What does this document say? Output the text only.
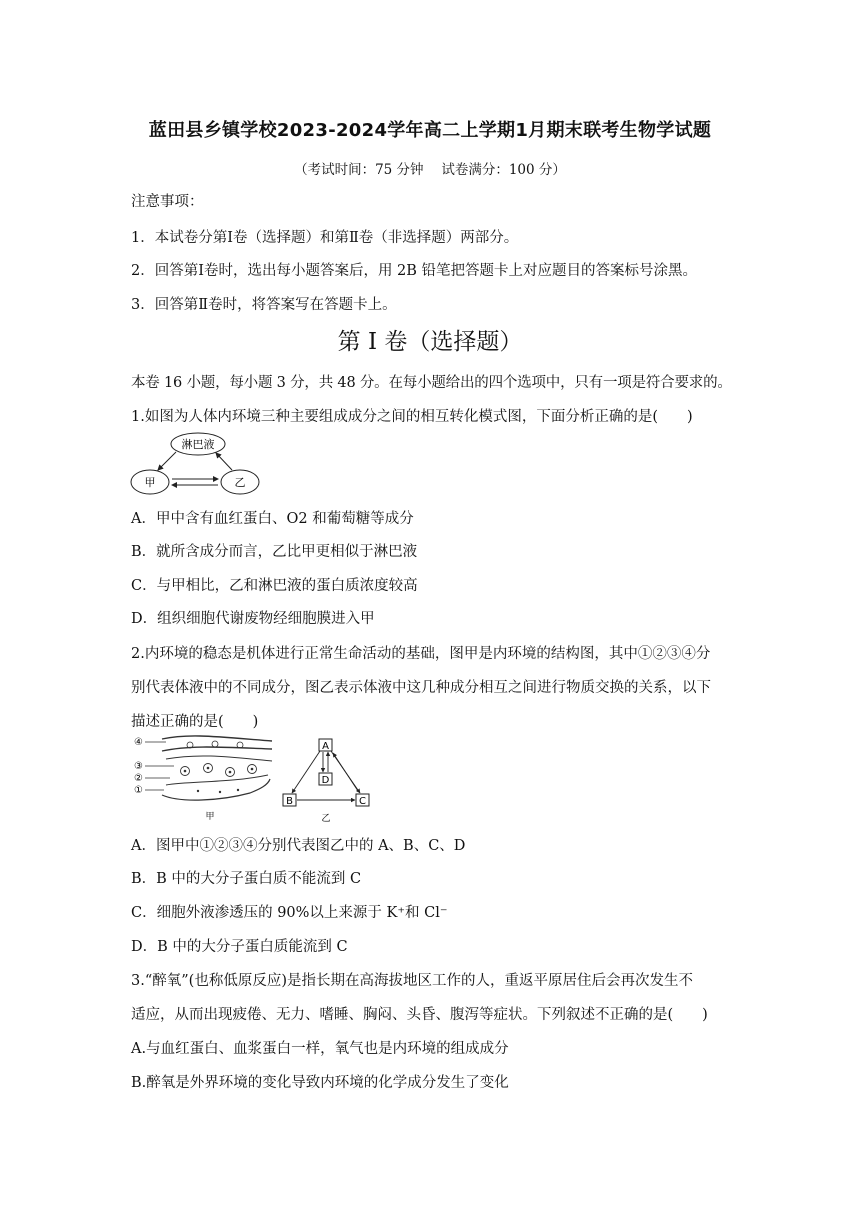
蓝田县乡镇学校2023-2024学年高二上学期1月期末联考生物学试题
（考试时间：75 分钟　 试卷满分：100 分）
注意事项：
1．本试卷分第Ⅰ卷（选择题）和第Ⅱ卷（非选择题）两部分。
2．回答第Ⅰ卷时，选出每小题答案后，用 2B 铅笔把答题卡上对应题目的答案标号涂黑。
3．回答第Ⅱ卷时，将答案写在答题卡上。
第 I 卷（选择题）
本卷 16 小题，每小题 3 分，共 48 分。在每小题给出的四个选项中，只有一项是符合要求的。
1.如图为人体内环境三种主要组成成分之间的相互转化模式图，下面分析正确的是(　　)
淋巴液
甲	乙
A．甲中含有血红蛋白、O2 和葡萄糖等成分
B．就所含成分而言，乙比甲更相似于淋巴液
C．与甲相比，乙和淋巴液的蛋白质浓度较高
D．组织细胞代谢废物经细胞膜进入甲
2.内环境的稳态是机体进行正常生命活动的基础，图甲是内环境的结构图，其中①②③④分
别代表体液中的不同成分，图乙表示体液中这几种成分相互之间进行物质交换的关系，以下
描述正确的是(　　)
④
③
②
①
甲
A
D
B	C
乙
A．图甲中①②③④分别代表图乙中的 A、B、C、D
B．B 中的大分子蛋白质不能流到 C
C．细胞外液渗透压的 90%以上来源于 K⁺和 Cl⁻
D．B 中的大分子蛋白质能流到 C
3.“醉氧”(也称低原反应)是指长期在高海拔地区工作的人，重返平原居住后会再次发生不
适应，从而出现疲倦、无力、嗜睡、胸闷、头昏、腹泻等症状。下列叙述不正确的是(　　)
A.与血红蛋白、血浆蛋白一样，氧气也是内环境的组成成分
B.醉氧是外界环境的变化导致内环境的化学成分发生了变化
